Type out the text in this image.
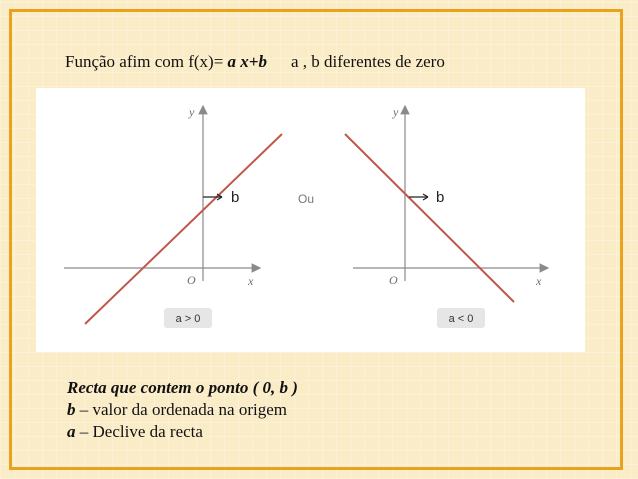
Função afim com f(x)= a x+b a , b diferentes de zero
y
x
O
b
a > 0
Ou
y
x
O
b
a < 0
Recta que contem o ponto ( 0, b )
b – valor da ordenada na origem
a – Declive da recta
